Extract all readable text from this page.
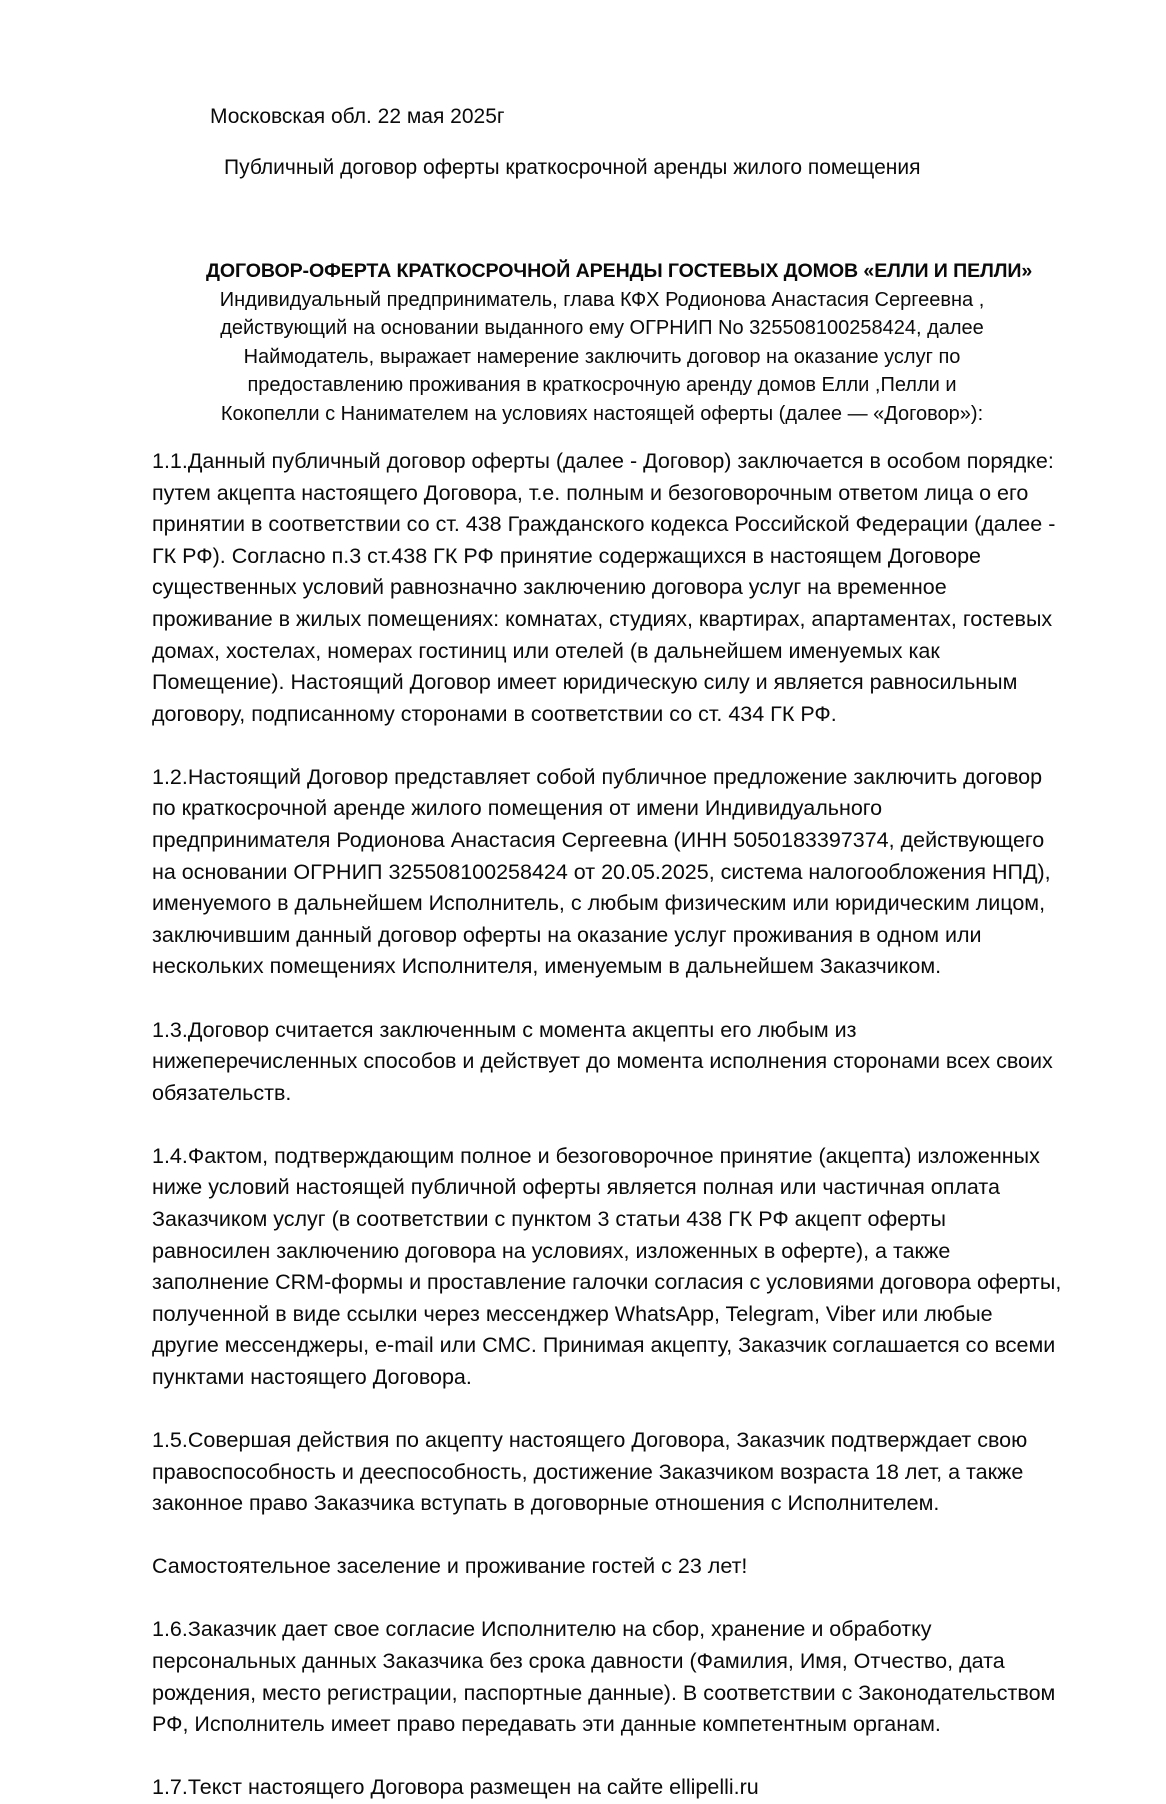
Московская обл. 22 мая 2025г
Публичный договор оферты краткосрочной аренды жилого помещения
ДОГОВОР-ОФЕРТА КРАТКОСРОЧНОЙ АРЕНДЫ ГОСТЕВЫХ ДОМОВ «ЕЛЛИ И ПЕЛЛИ»
Индивидуальный предприниматель, глава КФХ Родионова Анастасия Сергеевна , действующий на основании выданного ему ОГРНИП No 325508100258424, далее Наймодатель, выражает намерение заключить договор на оказание услуг по предоставлению проживания в краткосрочную аренду домов Елли ,Пелли и Кокопелли с Нанимателем на условиях настоящей оферты (далее — «Договор»):

1.1.Данный публичный договор оферты (далее - Договор) заключается в особом порядке: путем акцепта настоящего Договора, т.е. полным и безоговорочным ответом лица о его принятии в соответствии со ст. 438 Гражданского кодекса Российской Федерации (далее - ГК РФ). Согласно п.3 ст.438 ГК РФ принятие содержащихся в настоящем Договоре существенных условий равнозначно заключению договора услуг на временное проживание в жилых помещениях: комнатах, студиях, квартирах, апартаментах, гостевых домах, хостелах, номерах гостиниц или отелей (в дальнейшем именуемых как Помещение). Настоящий Договор имеет юридическую силу и является равносильным договору, подписанному сторонами в соответствии со ст. 434 ГК РФ.

1.2.Настоящий Договор представляет собой публичное предложение заключить договор по краткосрочной аренде жилого помещения от имени Индивидуального предпринимателя Родионова Анастасия Сергеевна (ИНН 5050183397374, действующего на основании ОГРНИП 325508100258424 от 20.05.2025, система налогообложения НПД), именуемого в дальнейшем Исполнитель, с любым физическим или юридическим лицом, заключившим данный договор оферты на оказание услуг проживания в одном или нескольких помещениях Исполнителя, именуемым в дальнейшем Заказчиком.

1.3.Договор считается заключенным с момента акцепты его любым из нижеперечисленных способов и действует до момента исполнения сторонами всех своих обязательств.

1.4.Фактом, подтверждающим полное и безоговорочное принятие (акцепта) изложенных ниже условий настоящей публичной оферты является полная или частичная оплата Заказчиком услуг (в соответствии с пунктом 3 статьи 438 ГК РФ акцепт оферты равносилен заключению договора на условиях, изложенных в оферте), а также заполнение CRM-формы и проставление галочки согласия с условиями договора оферты, полученной в виде ссылки через мессенджер WhatsApp, Telegram, Viber или любые другие мессенджеры, e-mail или СМС. Принимая акцепту, Заказчик соглашается со всеми пунктами настоящего Договора.

1.5.Совершая действия по акцепту настоящего Договора, Заказчик подтверждает свою правоспособность и дееспособность, достижение Заказчиком возраста 18 лет, а также законное право Заказчика вступать в договорные отношения с Исполнителем.

Самостоятельное заселение и проживание гостей с 23 лет!

1.6.Заказчик дает свое согласие Исполнителю на сбор, хранение и обработку персональных данных Заказчика без срока давности (Фамилия, Имя, Отчество, дата рождения, место регистрации, паспортные данные). В соответствии с Законодательством РФ, Исполнитель имеет право передавать эти данные компетентным органам.

1.7.Текст настоящего Договора размещен на сайте ellipelli.ru
